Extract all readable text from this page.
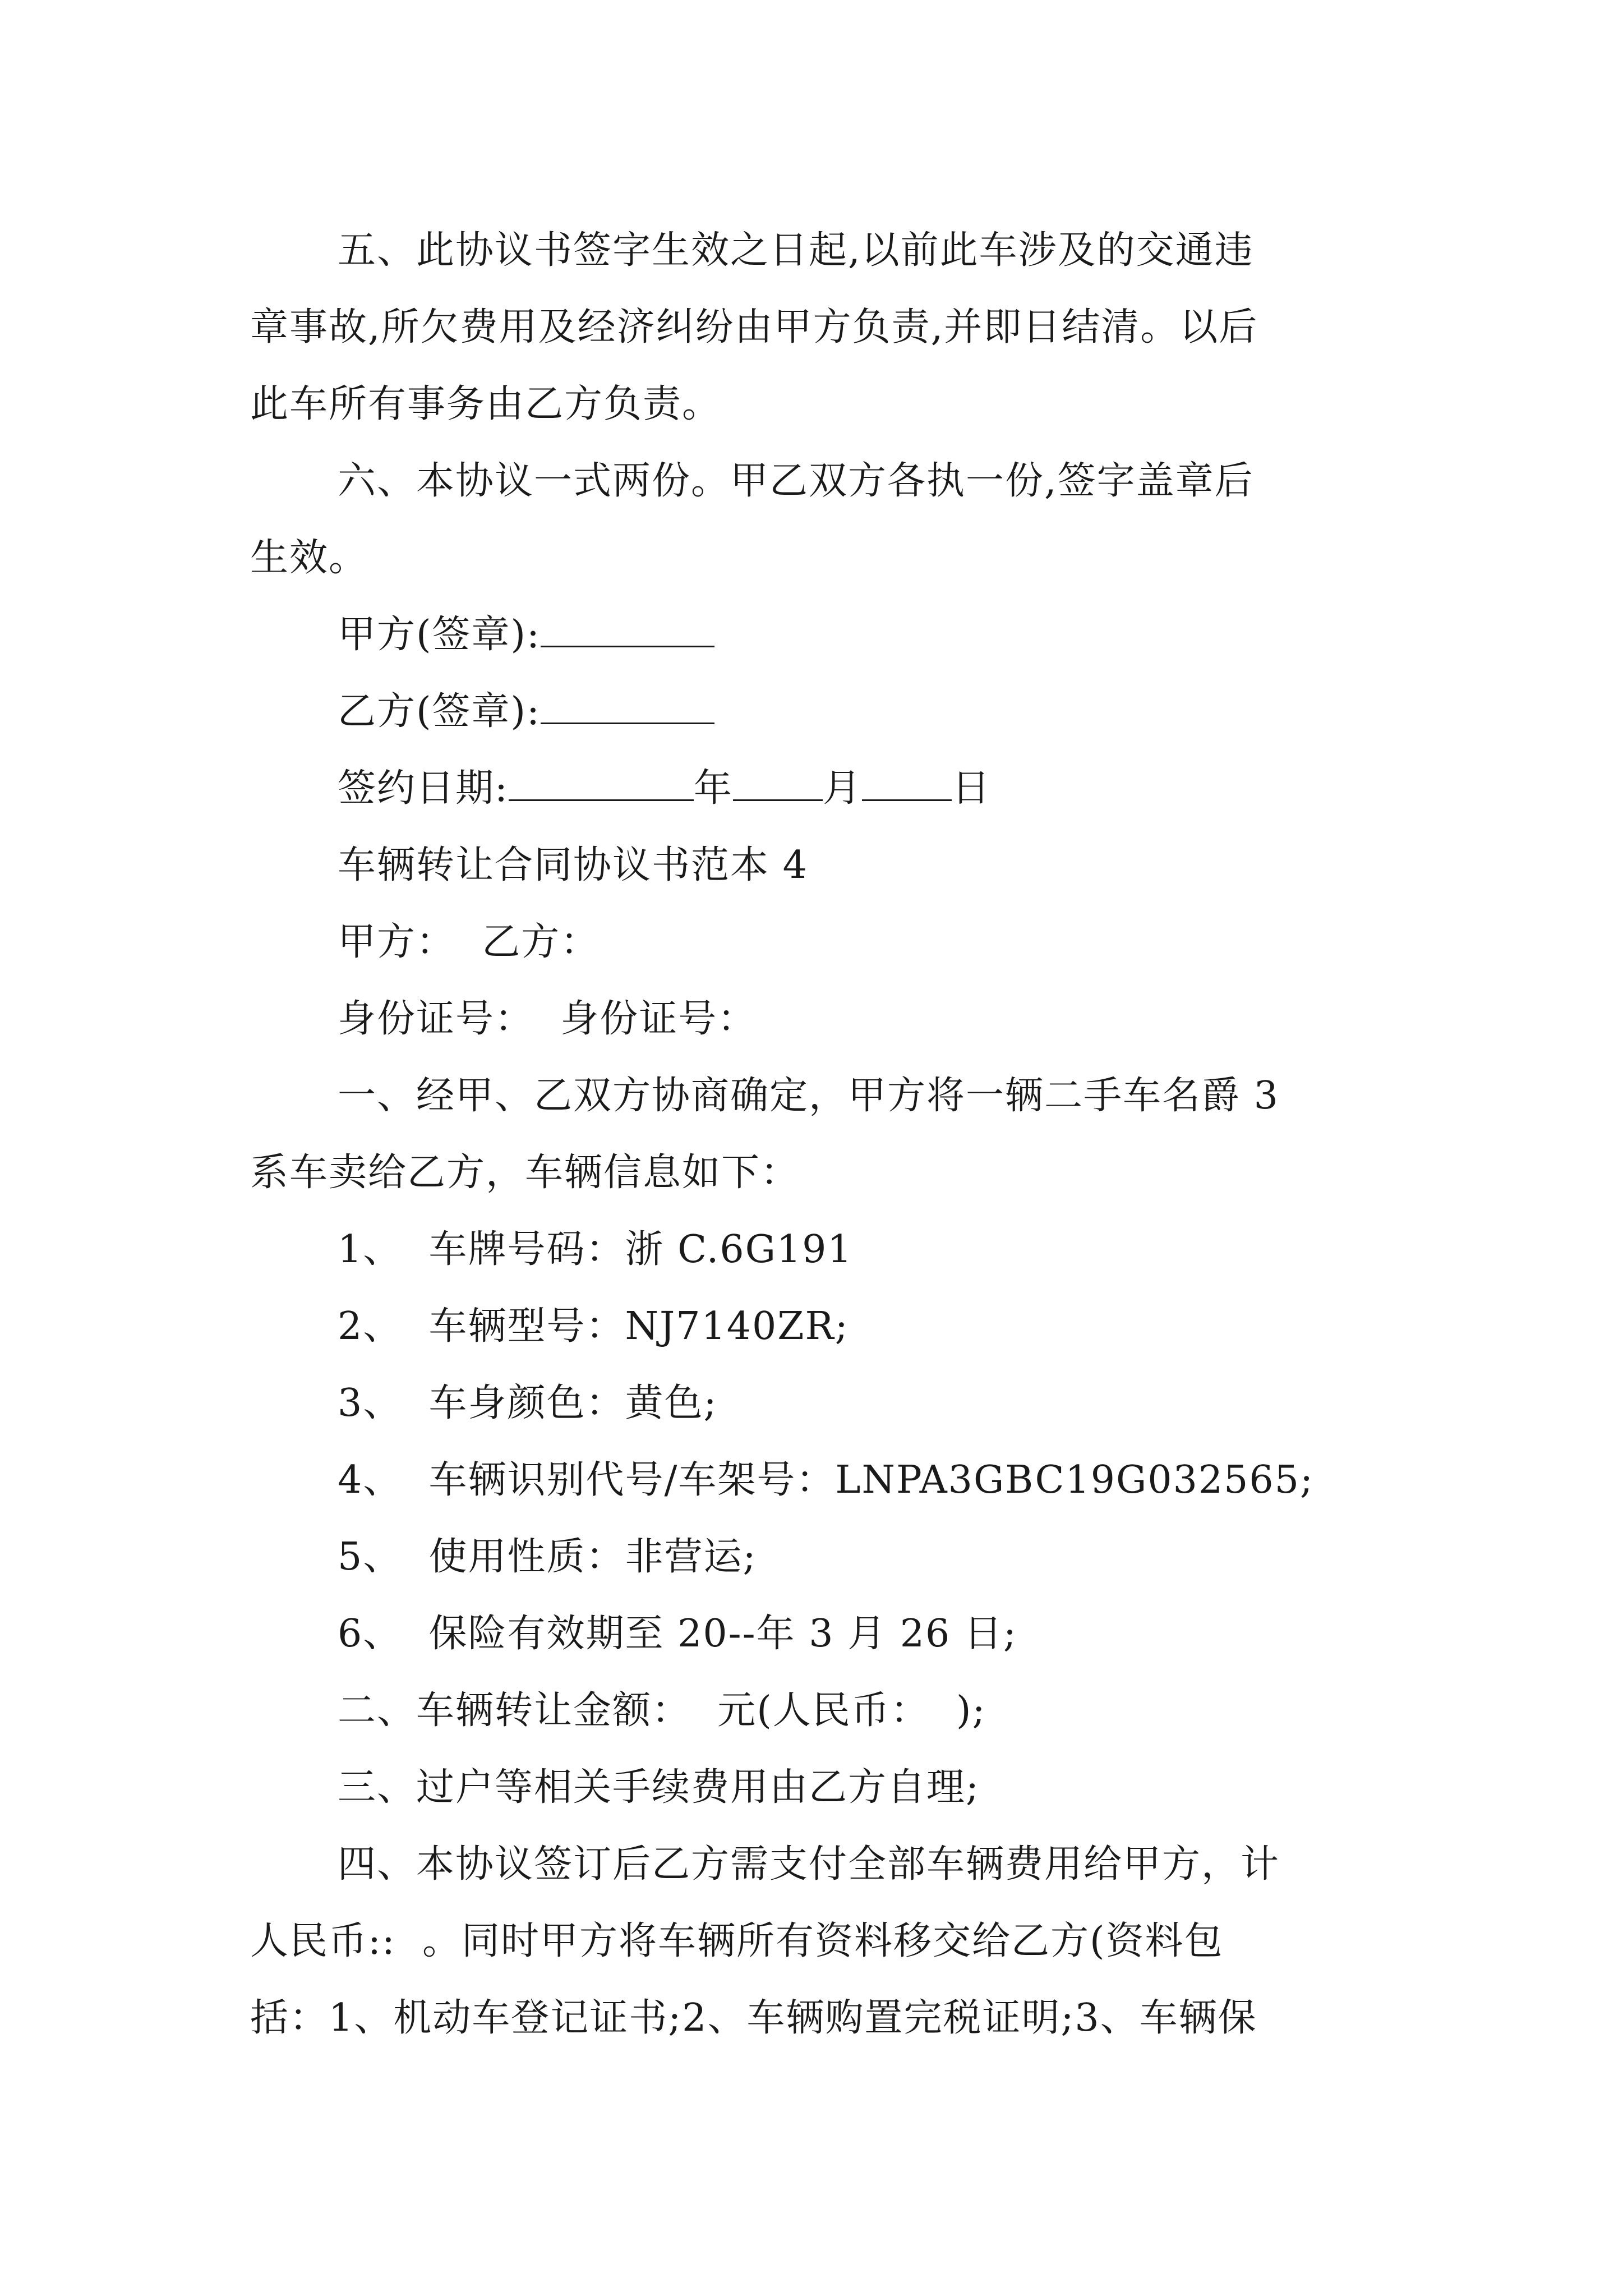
五、此协议书签字生效之日起,以前此车涉及的交通违
章事故,所欠费用及经济纠纷由甲方负责,并即日结清。以后
此车所有事务由乙方负责。
六、本协议一式两份。甲乙双方各执一份,签字盖章后
生效。
甲方(签章):
乙方(签章):
签约日期:	年 月 日
车辆转让合同协议书范本 4
甲方：  乙方：
身份证号：  身份证号：
一、经甲、乙双方协商确定，甲方将一辆二手车名爵 3
系车卖给乙方，车辆信息如下：
1、  车牌号码：浙 C.6G191
2、  车辆型号：NJ7140ZR;
3、  车身颜色：黄色;
4、  车辆识别代号/车架号：LNPA3GBC19G032565;
5、  使用性质：非营运;
6、  保险有效期至 20--年 3 月 26 日;
二、车辆转让金额：  元(人民币：  );
三、过户等相关手续费用由乙方自理;
四、本协议签订后乙方需支付全部车辆费用给甲方，计
人民币::  。同时甲方将车辆所有资料移交给乙方(资料包
括：1、机动车登记证书;2、车辆购置完税证明;3、车辆保
